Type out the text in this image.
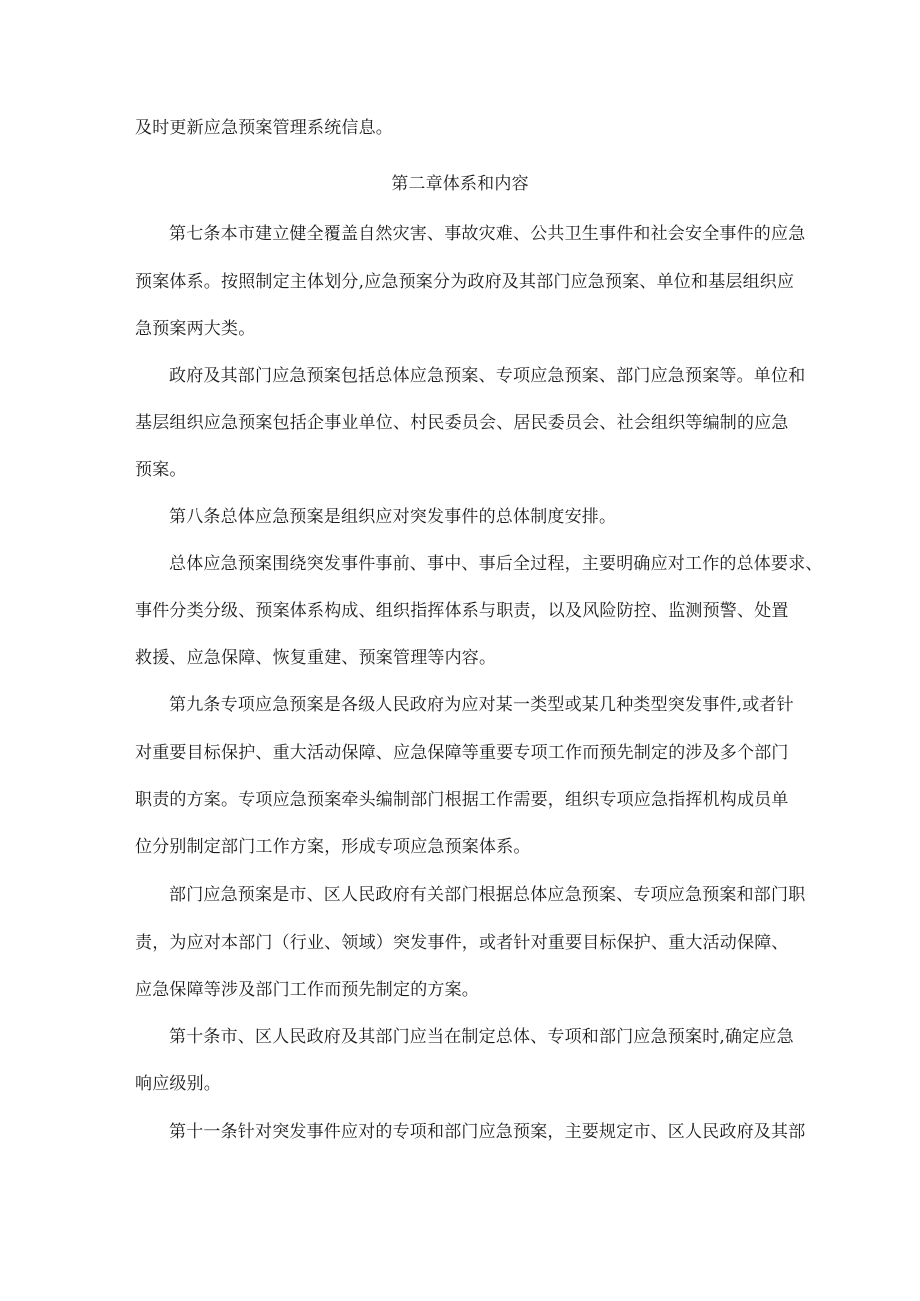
及时更新应急预案管理系统信息。
第二章体系和内容
第七条本市建立健全覆盖自然灾害、事故灾难、公共卫生事件和社会安全事件的应急
预案体系。按照制定主体划分,应急预案分为政府及其部门应急预案、单位和基层组织应
急预案两大类。
政府及其部门应急预案包括总体应急预案、专项应急预案、部门应急预案等。单位和
基层组织应急预案包括企事业单位、村民委员会、居民委员会、社会组织等编制的应急
预案。
第八条总体应急预案是组织应对突发事件的总体制度安排。
总体应急预案围绕突发事件事前、事中、事后全过程，主要明确应对工作的总体要求、
事件分类分级、预案体系构成、组织指挥体系与职责，以及风险防控、监测预警、处置
救援、应急保障、恢复重建、预案管理等内容。
第九条专项应急预案是各级人民政府为应对某一类型或某几种类型突发事件,或者针
对重要目标保护、重大活动保障、应急保障等重要专项工作而预先制定的涉及多个部门
职责的方案。专项应急预案牵头编制部门根据工作需要，组织专项应急指挥机构成员单
位分别制定部门工作方案，形成专项应急预案体系。
部门应急预案是市、区人民政府有关部门根据总体应急预案、专项应急预案和部门职
责，为应对本部门（行业、领域）突发事件，或者针对重要目标保护、重大活动保障、
应急保障等涉及部门工作而预先制定的方案。
第十条市、区人民政府及其部门应当在制定总体、专项和部门应急预案时,确定应急
响应级别。
第十一条针对突发事件应对的专项和部门应急预案，主要规定市、区人民政府及其部
